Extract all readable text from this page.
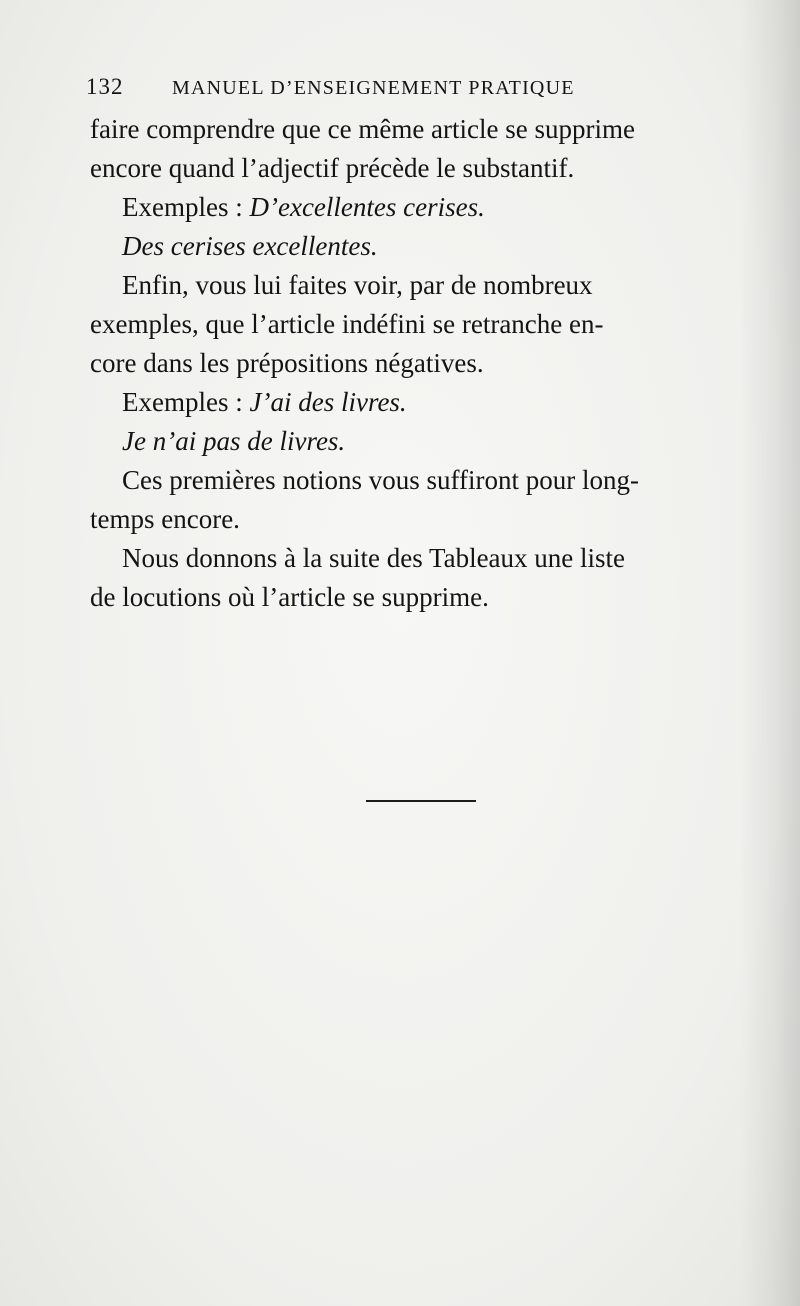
132 MANUEL D’ENSEIGNEMENT PRATIQUE
faire comprendre que ce même article se supprime
encore quand l’adjectif précède le substantif.
Exemples : D’excellentes cerises.
Des cerises excellentes.
Enfin, vous lui faites voir, par de nombreux
exemples, que l’article indéfini se retranche en-
core dans les prépositions négatives.
Exemples : J’ai des livres.
Je n’ai pas de livres.
Ces premières notions vous suffiront pour long-
temps encore.
Nous donnons à la suite des Tableaux une liste
de locutions où l’article se supprime.
